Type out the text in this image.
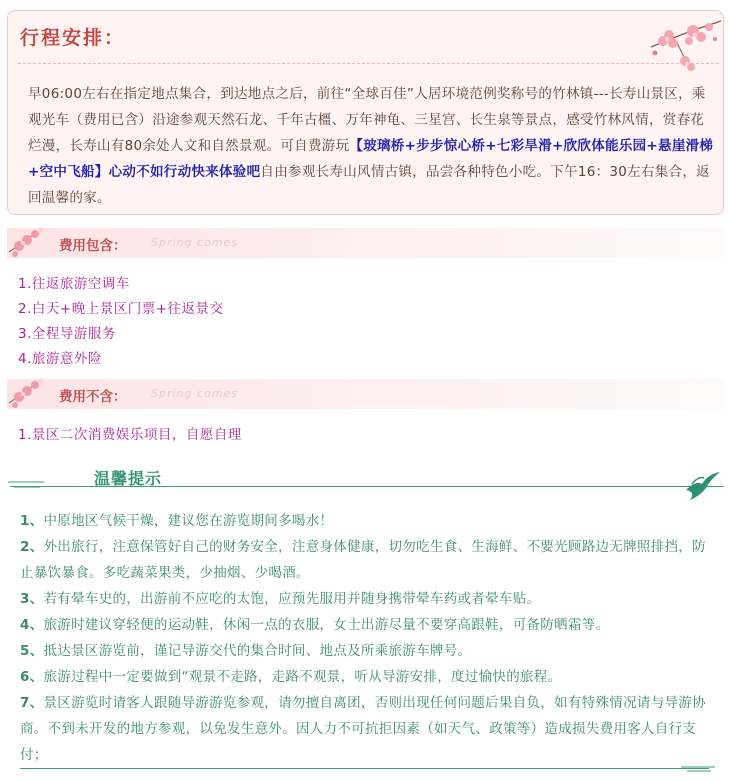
行程安排：
早06:00左右在指定地点集合，到达地点之后，前往“全球百佳”人居环境范例奖称号的竹林镇---长寿山景区，乘观光车（费用已含）沿途参观天然石龙、千年古橿、万年神龟、三星宫、长生泉等景点，感受竹林风情，赏春花烂漫，长寿山有80余处人文和自然景观。可自费游玩【玻璃桥+步步惊心桥+七彩旱滑+欣欣体能乐园+悬崖滑梯+空中飞船】心动不如行动快来体验吧自由参观长寿山风情古镇，品尝各种特色小吃。下午16：30左右集合，返回温馨的家。
费用包含： Spring comes
1.往返旅游空调车
2.白天+晚上景区门票+往返景交
3.全程导游服务
4.旅游意外险
费用不含： Spring comes
1.景区二次消费娱乐项目，自愿自理
温馨提示

1、中原地区气候干燥，建议您在游览期间多喝水！

2、外出旅行，注意保管好自己的财务安全，注意身体健康，切勿吃生食、生海鲜、不要光顾路边无牌照排挡，防止暴饮暴食。多吃蔬菜果类，少抽烟、少喝酒。

3、若有晕车史的，出游前不应吃的太饱，应预先服用并随身携带晕车药或者晕车贴。

4、旅游时建议穿轻便的运动鞋，休闲一点的衣服，女士出游尽量不要穿高跟鞋，可备防晒霜等。

5、抵达景区游览前，谨记导游交代的集合时间、地点及所乘旅游车牌号。

6、旅游过程中一定要做到“观景不走路，走路不观景，听从导游安排，度过愉快的旅程。

7、景区游览时请客人跟随导游游览参观，请勿擅自离团，否则出现任何问题后果自负，如有特殊情况请与导游协商。不到未开发的地方参观，以免发生意外。因人力不可抗拒因素（如天气、政策等）造成损失费用客人自行支付；
